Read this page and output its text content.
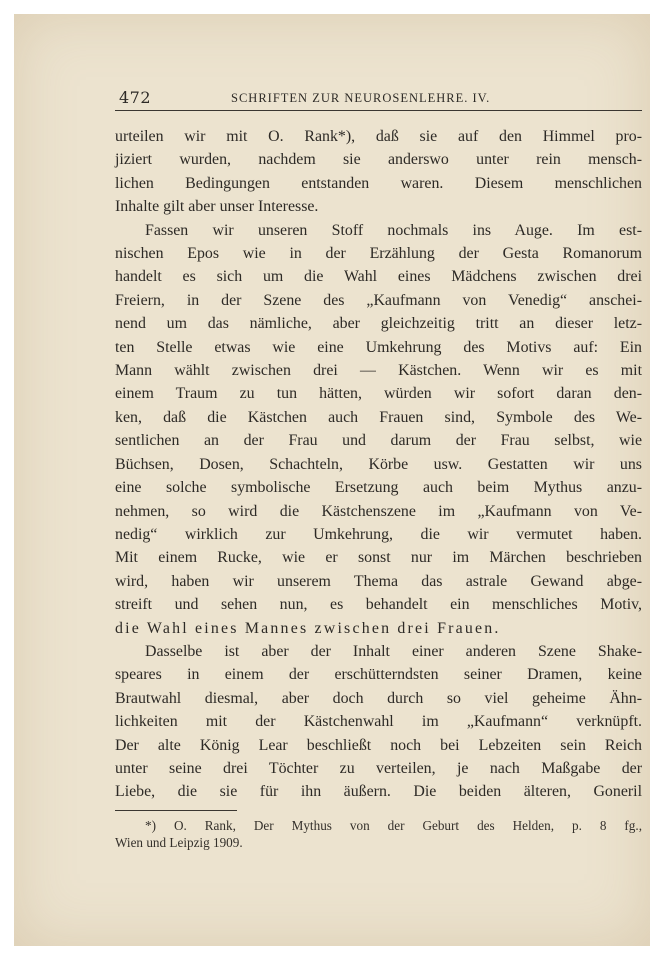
472	SCHRIFTEN ZUR NEUROSENLEHRE. IV.

urteilen wir mit O. Rank*), daß sie auf den Himmel pro-
jiziert wurden, nachdem sie anderswo unter rein mensch-
lichen Bedingungen entstanden waren. Diesem menschlichen
Inhalte gilt aber unser Interesse.

Fassen wir unseren Stoff nochmals ins Auge. Im est-
nischen Epos wie in der Erzählung der Gesta Romanorum
handelt es sich um die Wahl eines Mädchens zwischen drei
Freiern, in der Szene des „Kaufmann von Venedig“ anschei-
nend um das nämliche, aber gleichzeitig tritt an dieser letz-
ten Stelle etwas wie eine Umkehrung des Motivs auf: Ein
Mann wählt zwischen drei — Kästchen. Wenn wir es mit
einem Traum zu tun hätten, würden wir sofort daran den-
ken, daß die Kästchen auch Frauen sind, Symbole des We-
sentlichen an der Frau und darum der Frau selbst, wie
Büchsen, Dosen, Schachteln, Körbe usw. Gestatten wir uns
eine solche symbolische Ersetzung auch beim Mythus anzu-
nehmen, so wird die Kästchenszene im „Kaufmann von Ve-
nedig“ wirklich zur Umkehrung, die wir vermutet haben.
Mit einem Rucke, wie er sonst nur im Märchen beschrieben
wird, haben wir unserem Thema das astrale Gewand abge-
streift und sehen nun, es behandelt ein menschliches Motiv,
die Wahl eines Mannes zwischen drei Frauen.

Dasselbe ist aber der Inhalt einer anderen Szene Shake-
speares in einem der erschütterndsten seiner Dramen, keine
Brautwahl diesmal, aber doch durch so viel geheime Ähn-
lichkeiten mit der Kästchenwahl im „Kaufmann“ verknüpft.
Der alte König Lear beschließt noch bei Lebzeiten sein Reich
unter seine drei Töchter zu verteilen, je nach Maßgabe der
Liebe, die sie für ihn äußern. Die beiden älteren, Goneril

*) O. Rank, Der Mythus von der Geburt des Helden, p. 8 fg.,
Wien und Leipzig 1909.
